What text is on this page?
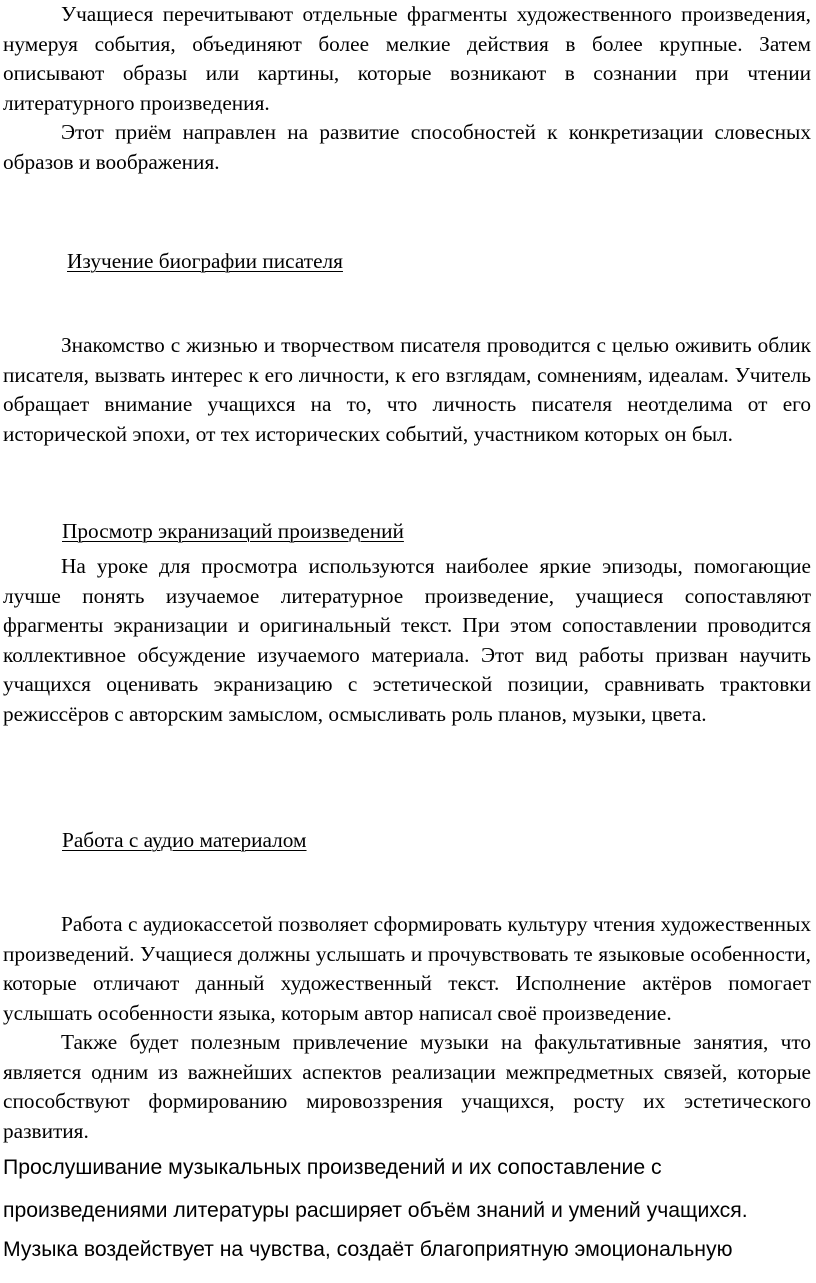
Учащиеся перечитывают отдельные фрагменты художественного произведения, нумеруя события, объединяют более мелкие действия в более крупные. Затем описывают образы или картины, которые возникают в сознании при чтении литературного произведения.

Этот приём направлен на развитие способностей к конкретизации словесных образов и воображения.

Изучение биографии писателя

Знакомство с жизнью и творчеством писателя проводится с целью оживить облик писателя, вызвать интерес к его личности, к его взглядам, сомнениям, идеалам. Учитель обращает внимание учащихся на то, что личность писателя неотделима от его исторической эпохи, от тех исторических событий, участником которых он был.

Просмотр экранизаций произведений

На уроке для просмотра используются наиболее яркие эпизоды, помогающие лучше понять изучаемое литературное произведение, учащиеся сопоставляют фрагменты экранизации и оригинальный текст. При этом сопоставлении проводится коллективное обсуждение изучаемого материала. Этот вид работы призван научить учащихся оценивать экранизацию с эстетической позиции, сравнивать трактовки режиссёров с авторским замыслом, осмысливать роль планов, музыки, цвета.

Работа с аудио материалом

Работа с аудиокассетой позволяет сформировать культуру чтения художественных произведений. Учащиеся должны услышать и прочувствовать те языковые особенности, которые отличают данный художественный текст. Исполнение актёров помогает услышать особенности языка, которым автор написал своё произведение.

Также будет полезным привлечение музыки на факультативные занятия, что является одним из важнейших аспектов реализации межпредметных связей, которые способствуют формированию мировоззрения учащихся, росту их эстетического развития.

Прослушивание музыкальных произведений и их сопоставление с

произведениями литературы расширяет объём знаний и умений учащихся.

Музыка воздействует на чувства, создаёт благоприятную эмоциональную
